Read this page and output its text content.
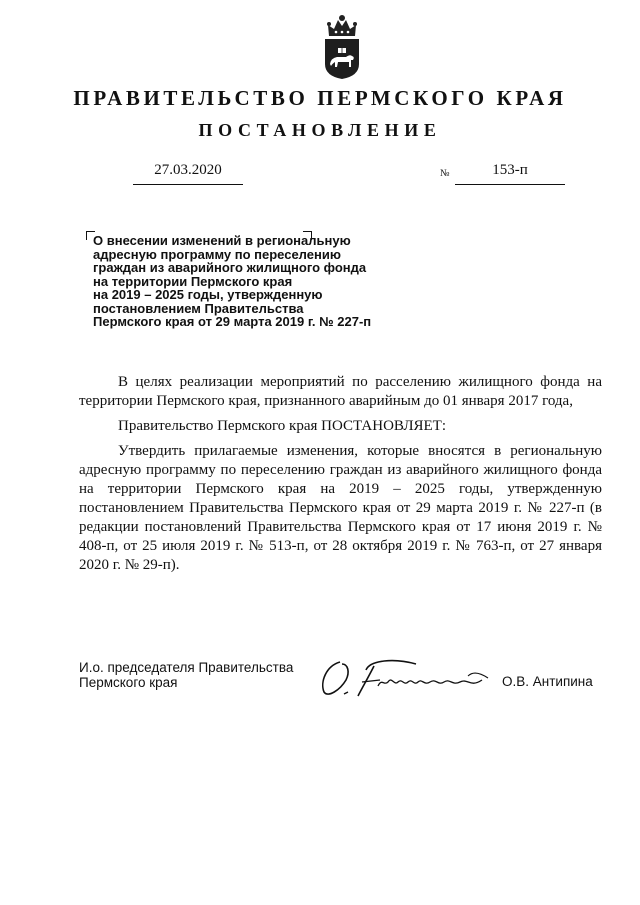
ПРАВИТЕЛЬСТВО ПЕРМСКОГО КРАЯ
ПОСТАНОВЛЕНИЕ
27.03.2020	№	153-п
О внесении изменений в региональную
адресную программу по переселению
граждан из аварийного жилищного фонда
на территории Пермского края
на 2019 – 2025 годы, утвержденную
постановлением Правительства
Пермского края от 29 марта 2019 г. № 227-п

В целях реализации мероприятий по расселению жилищного фонда на территории Пермского края, признанного аварийным до 01 января 2017 года,

Правительство Пермского края ПОСТАНОВЛЯЕТ:

Утвердить прилагаемые изменения, которые вносятся в региональную адресную программу по переселению граждан из аварийного жилищного фонда на территории Пермского края на 2019 – 2025 годы, утвержденную постановлением Правительства Пермского края от 29 марта 2019 г. № 227-п (в редакции постановлений Правительства Пермского края от 17 июня 2019 г. № 408-п, от 25 июля 2019 г. № 513-п, от 28 октября 2019 г. № 763-п, от 27 января 2020 г. № 29-п).

И.о. председателя Правительства
Пермского края	О.В. Антипина
